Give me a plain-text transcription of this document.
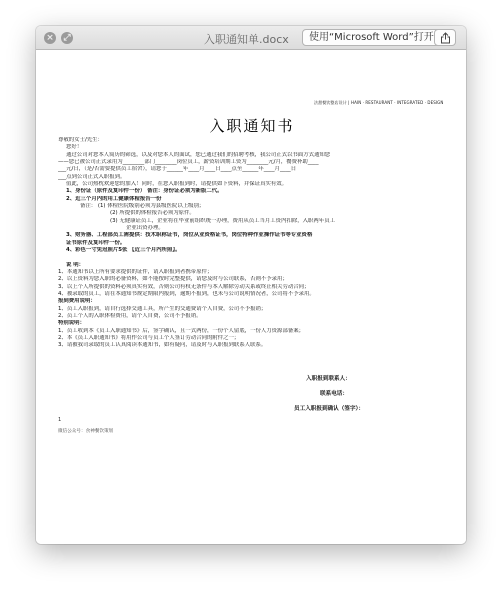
× ⤢	入职通知单.docx	使用“Microsoft Word”打开
法甜餐饮整店设计 | HAIN · RESTAURANT · INTEGRATED · DESIGN
入职通知书
尊敬的女士/先生：
您好！
通过公司对您本人简历的筛选，以及对您本人的面试，您已通过我们的招聘考核，我公司正式以书面方式通知您
——您已被公司正式录用为________部门________岗位员工，薪资培训期工资为________元/月，餐费补助____
___元/日，（是/否需要提供员工宿舍），请您于______年____月____日____点至______年____月____日
___点到公司正式入职报到。
值此，公司热枕欢迎您的加入！同时，在您入职报到时，请提供如下资料，并保证真实有效。
1、身份证（原件及复印件一份） 备注：身份证必须为新版二代。
2、近三个月内的用工健康体检报告一份
备注： (1) 体检医院级别必须为县级医院以上级别；
(2) 所提供的体检报告必须为原件。
(3) 无健康证员工，企业将在毕业前组织统一办理，费用从员工当月工资内扣除，入职两年员工
企业出资办理。
3、财务器、工程部员工需提供：技术职称证书，岗位从业资格证书，岗位特种作业操作证书等专业资格
证书原件及复印件一份。
4、彩色一寸免冠照片5张 【近三个月内所照】。
说 明：
1、本通知书以上所有要求提供的证件，请入职报到者携带原件；
2、以上资料为您入职的必备资料，如不能按时完整提供，请您及时与公司联系，否则不予录用；
3、以上个人所提供的资料必须真实有效，否则公司有权无条件与本人解除劳动关系或终止相关劳动合同；
4、被录取的员工，请在本通知书规定期限内报到，逾期不报到，也未与公司说明情况者，公司将不予录用。
报到费用说明：
1、员工入职报到，请自行选择交通工具，所产生的交通费请个人自费，公司不予报销；
2、员工个人的入职体检费用，请个人自费，公司不予报销。
特别说明：
1、员工收到本《员工入职通知书》后，签字确认，且一式两份，一份个人留底，一份人力资源部备案；
2、本《员工入职通知书》将用作公司与员工个人签订劳动合同的附件之一；
3、请被我司录取的员工认真阅读本通知书，如有疑问，请及时与入职报到联系人联系。
入职报到联系人：
联系电话：
员工入职报到确认（签字）：
1
微信公众号：食神餐饮策划
